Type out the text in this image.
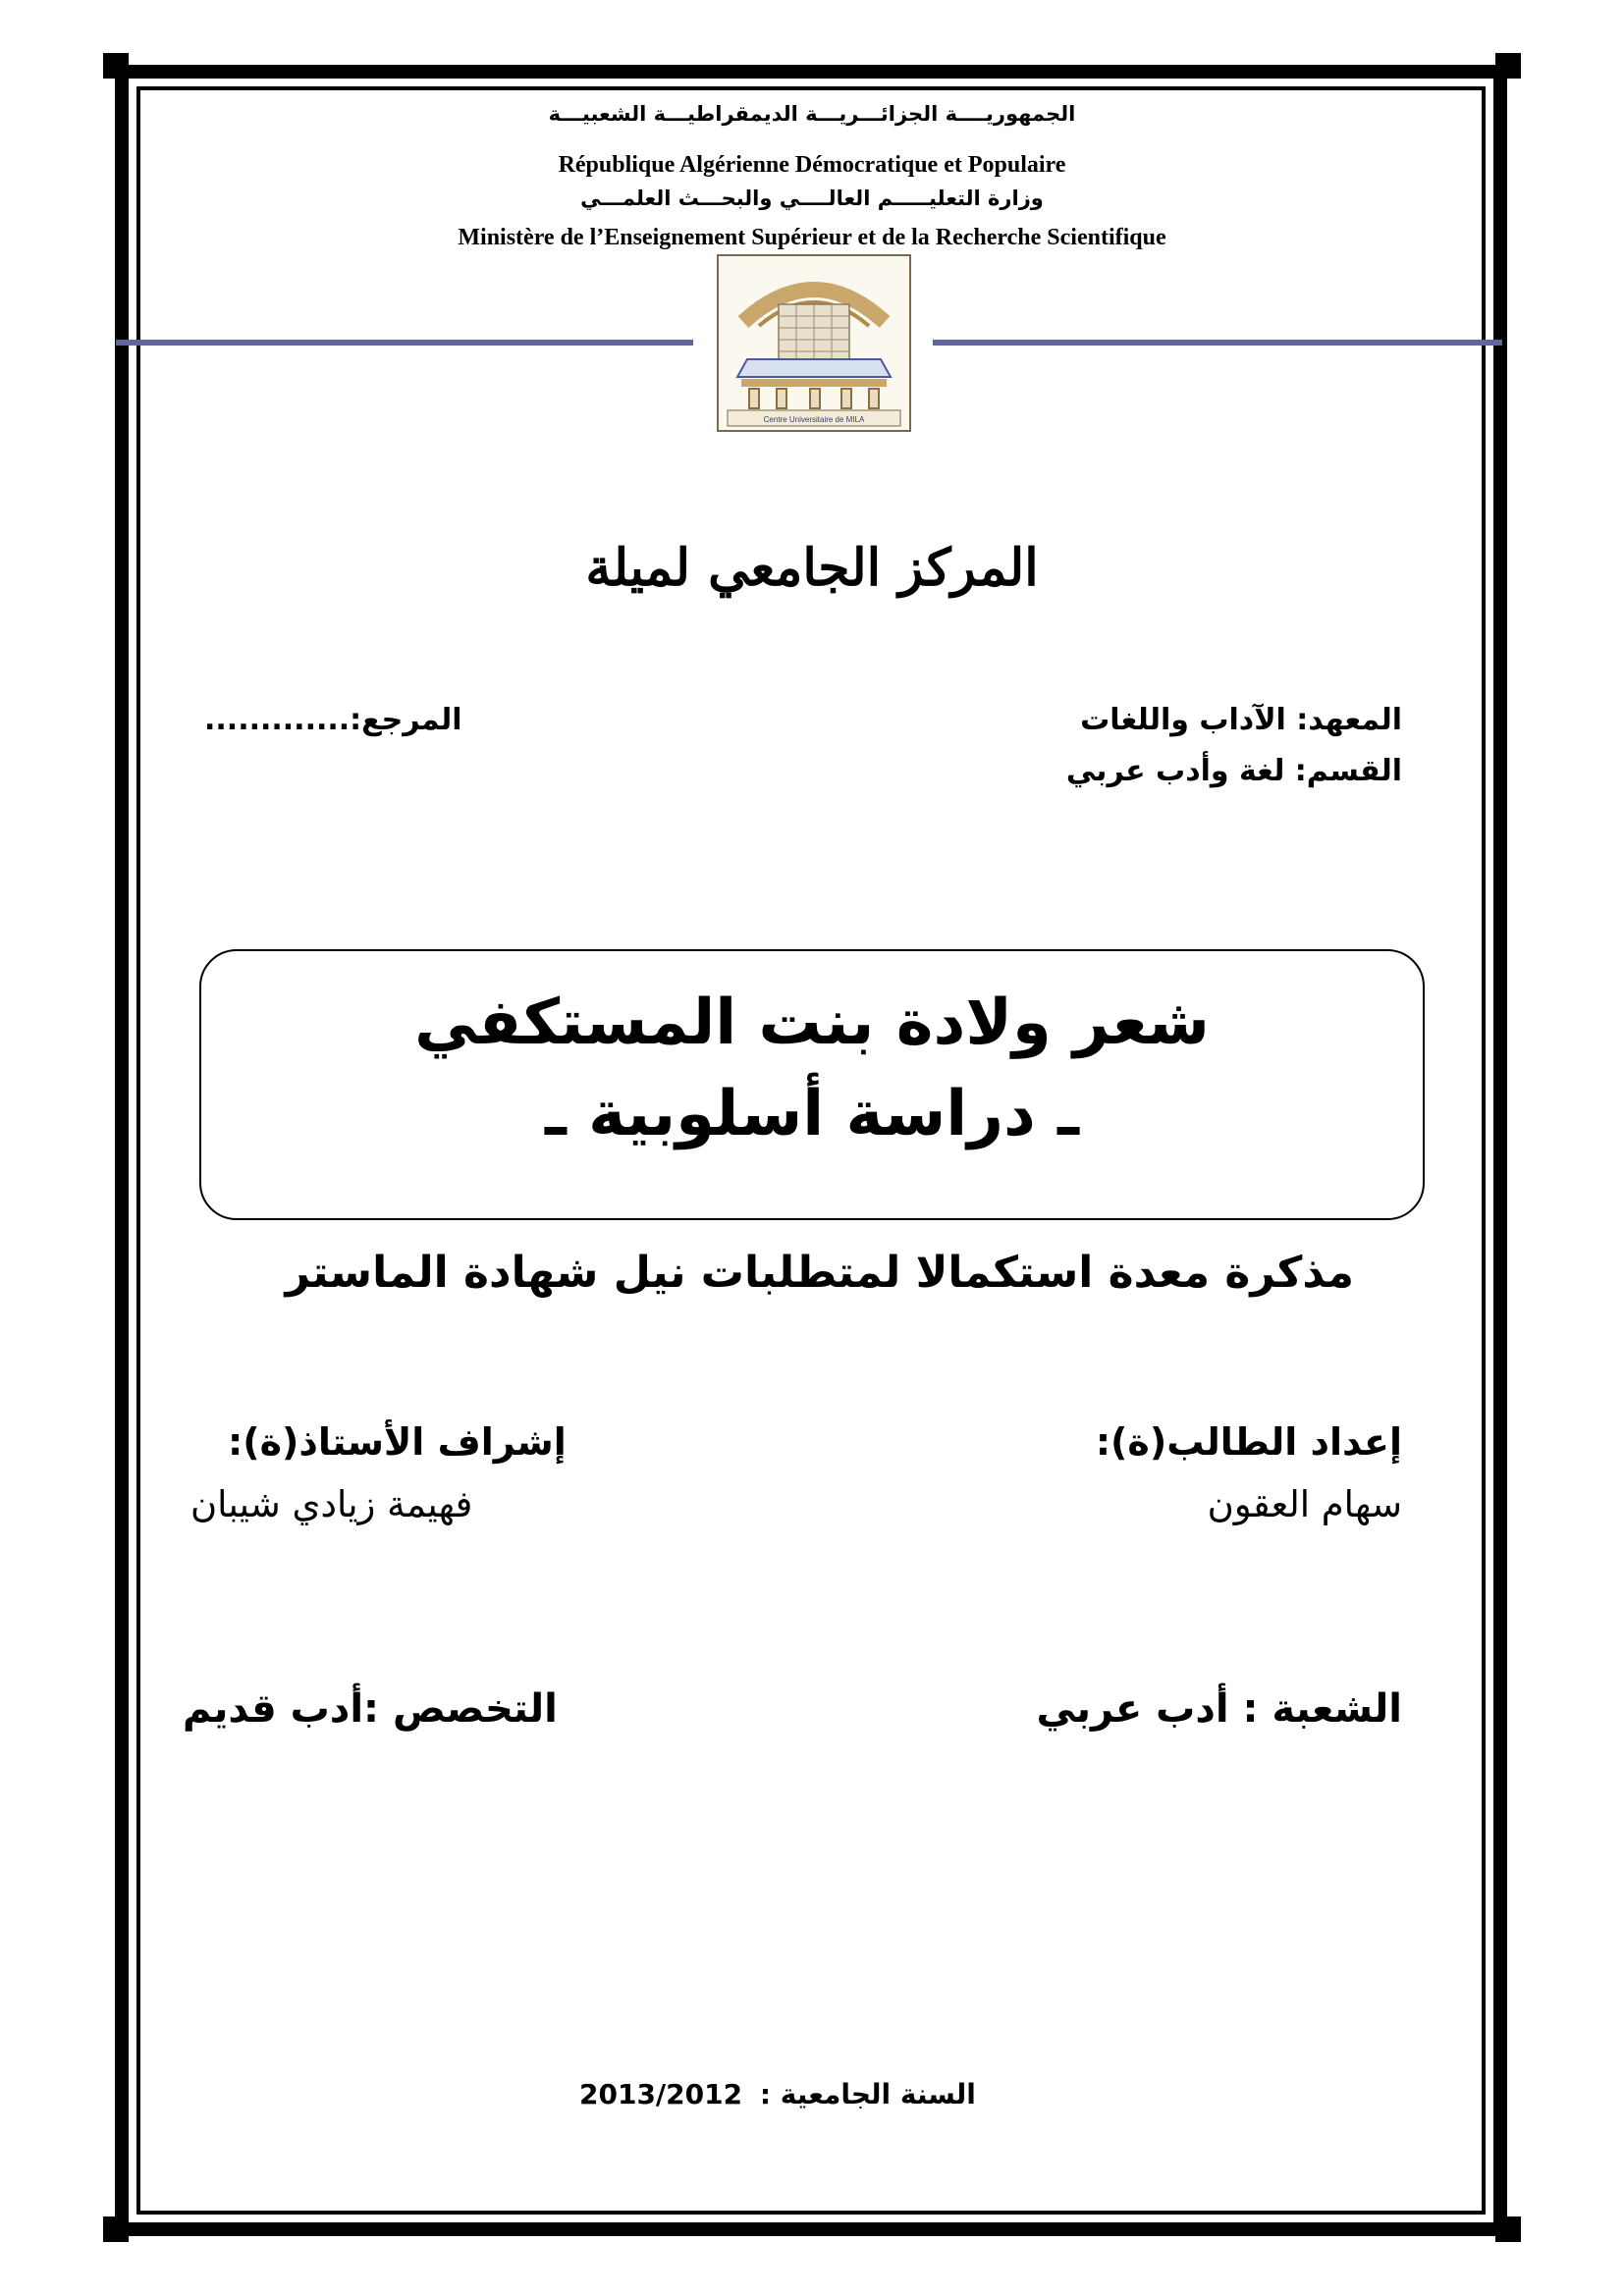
الجمهوريــــة الجزائـــريـــة الديمقراطيـــة الشعبيـــة
République Algérienne Démocratique et Populaire
وزارة التعليـــــم العالــــي والبحـــث العلمـــي
Ministère de l’Enseignement Supérieur et de la Recherche Scientifique
Centre Universitaire de MILA
المركز الجامعي لميلة
المعهد: الآداب واللغات
القسم: لغة وأدب عربي
المرجع:.............
شعر ولادة بنت المستكفي
ـ دراسة أسلوبية ـ
مذكرة معدة استكمالا لمتطلبات نيل شهادة الماستر
إعداد الطالب(ة):
سهام العقون
إشراف الأستاذ(ة):
فهيمة زيادي شيبان
الشعبة : أدب عربي
التخصص :أدب قديم
السنة الجامعية : 2013/2012
